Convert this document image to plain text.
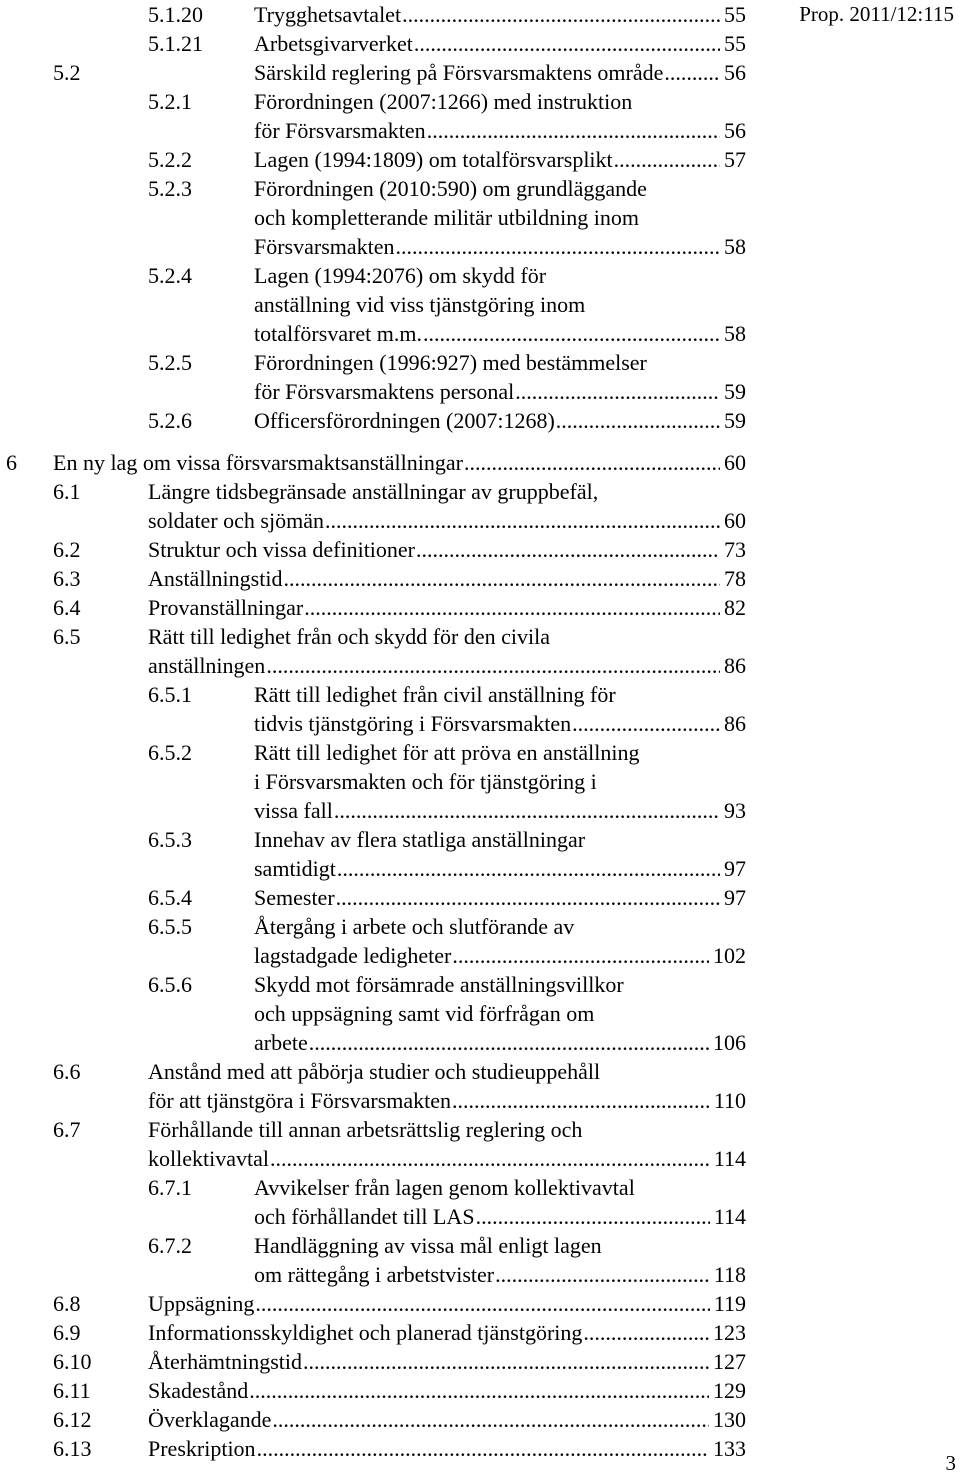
Prop. 2011/12:115
5.1.20 Trygghetsavtalet .....	55
5.1.21 Arbetsgivarverket .....	55
5.2	Särskild reglering på Försvarsmaktens område .....	56
5.2.1	Förordningen (2007:1266) med instruktion
för Försvarsmakten .....	56
5.2.2	Lagen (1994:1809) om totalförsvarsplikt .....	57
5.2.3	Förordningen (2010:590) om grundläggande
och kompletterande militär utbildning inom
Försvarsmakten .....	58
5.2.4	Lagen (1994:2076) om skydd för
anställning vid viss tjänstgöring inom
totalförsvaret m.m. .....	58
5.2.5	Förordningen (1996:927) med bestämmelser
för Försvarsmaktens personal .....	59
5.2.6	Officersförordningen (2007:1268) .....	59
6 En ny lag om vissa försvarsmaktsanställningar .....	60
6.1	Längre tidsbegränsade anställningar av gruppbefäl,
soldater och sjömän .....	60
6.2	Struktur och vissa definitioner .....	73
6.3	Anställningstid .....	78
6.4	Provanställningar .....	82
6.5	Rätt till ledighet från och skydd för den civila
anställningen .....	86
6.5.1	Rätt till ledighet från civil anställning för
tidvis tjänstgöring i Försvarsmakten .....	86
6.5.2	Rätt till ledighet för att pröva en anställning
i Försvarsmakten och för tjänstgöring i
vissa fall .....	93
6.5.3	Innehav av flera statliga anställningar
samtidigt .....	97
6.5.4	Semester .....	97
6.5.5	Återgång i arbete och slutförande av
lagstadgade ledigheter .....	102
6.5.6	Skydd mot försämrade anställningsvillkor
och uppsägning samt vid förfrågan om
arbete .....	106
6.6	Anstånd med att påbörja studier och studieuppehåll
för att tjänstgöra i Försvarsmakten .....	110
6.7	Förhållande till annan arbetsrättslig reglering och
kollektivavtal .....	114
6.7.1	Avvikelser från lagen genom kollektivavtal
och förhållandet till LAS .....	114
6.7.2	Handläggning av vissa mål enligt lagen
om rättegång i arbetstvister .....	118
6.8	Uppsägning .....	119
6.9	Informationsskyldighet och planerad tjänstgöring .....	123
6.10	Återhämtningstid .....	127
6.11	Skadestånd .....	129
6.12	Överklagande .....	130
6.13	Preskription .....	133
3
